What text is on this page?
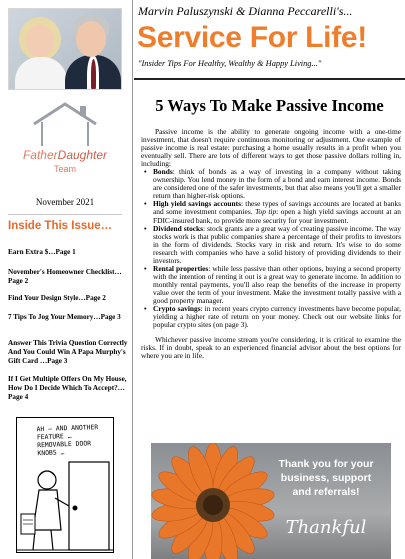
FatherDaughter
Team
November 2021
Inside This Issue…
Earn Extra $…Page 1
November's Homeowner Checklist…Page 2
Find Your Design Style…Page 2
7 Tips To Jog Your Memory…Page 3
Answer This Trivia Question Correctly And You Could Win A Papa Murphy's Gift Card …Page 3
If I Get Multiple Offers On My House, How Do I Decide Which To Accept?…Page 4
AH — AND ANOTHER FEATURE … REMOVABLE DOOR KNOBS …
Marvin Paluszynski & Dianna Peccarelli's...
Service For Life!
"Insider Tips For Healthy, Wealthy & Happy Living..."
5 Ways To Make Passive Income

Passive income is the ability to generate ongoing income with a one-time investment, that doesn't require continuous monitoring or adjustment. One example of passive income is real estate: purchasing a home usually results in a profit when you eventually sell. There are lots of different ways to get those passive dollars rolling in, including:

• Bonds: think of bonds as a way of investing in a company without taking ownership. You lend money in the form of a bond and earn interest income. Bonds are considered one of the safer investments, but that also means you'll get a smaller return than higher-risk options.
• High yield savings accounts: these types of savings accounts are located at banks and some investment companies. Top tip: open a high yield savings account at an FDIC-insured bank, to provide more security for your investment.
• Dividend stocks: stock grants are a great way of creating passive income. The way stocks work is that public companies share a percentage of their profits to investors in the form of dividends. Stocks vary in risk and return. It's wise to do some research with companies who have a solid history of providing dividends to their investors.
• Rental properties: while less passive than other options, buying a second property with the intention of renting it out is a great way to generate income. In addition to monthly rental payments, you'll also reap the benefits of the increase in property value over the term of your investment. Make the investment totally passive with a good property manager.
• Crypto savings: in recent years crypto currency investments have become popular, yielding a higher rate of return on your money. Check out our website links for popular crypto sites (on page 3).

Whichever passive income stream you're considering, it is critical to examine the risks. If in doubt, speak to an experienced financial advisor about the best options for where you are in life.

Thank you for your business, support and referrals!
Thankful
